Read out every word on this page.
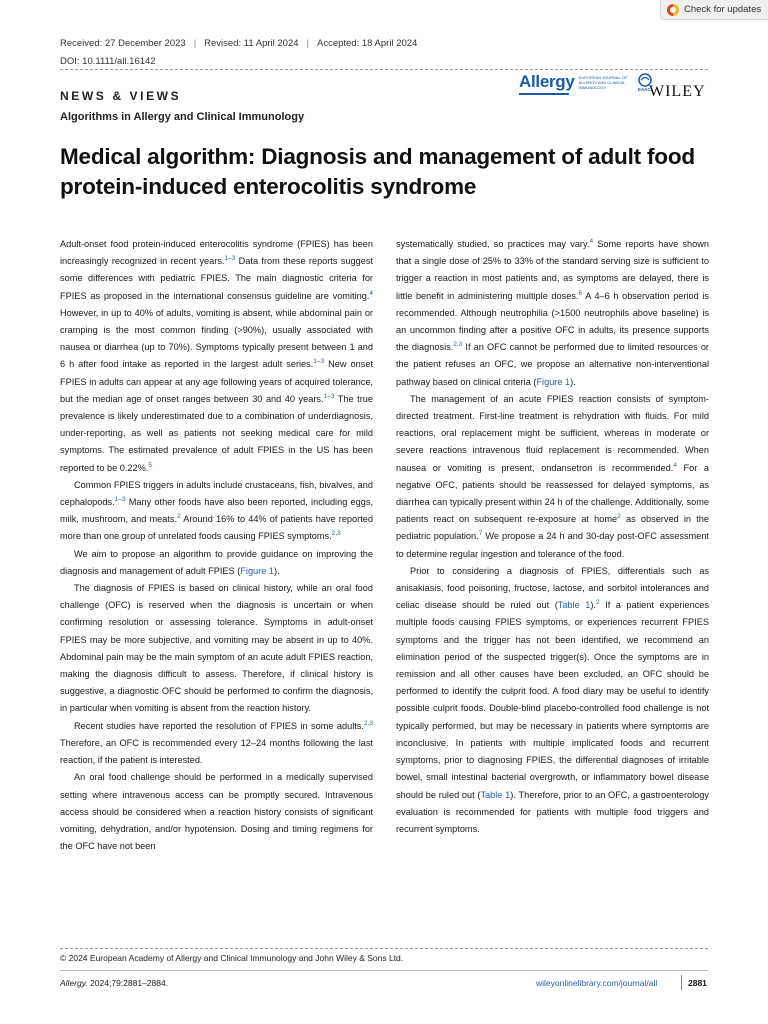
Check for updates
Received: 27 December 2023 | Revised: 11 April 2024 | Accepted: 18 April 2024
DOI: 10.1111/all.16142
Allergy EUROPEAN JOURNAL OF ALLERGY AND CLINICAL IMMUNOLOGY	EAACI
WILEY
NEWS & VIEWS
Algorithms in Allergy and Clinical Immunology
Medical algorithm: Diagnosis and management of adult food protein-induced enterocolitis syndrome

Adult-onset food protein-induced enterocolitis syndrome (FPIES) has been increasingly recognized in recent years.$^{1-3}$ Data from these reports suggest some differences with pediatric FPIES. The main diagnostic criteria for FPIES as proposed in the international consensus guideline are vomiting.$^4$ However, in up to 40% of adults, vomiting is absent, while abdominal pain or cramping is the most common finding (>90%), usually associated with nausea or diarrhea (up to 70%). Symptoms typically present between 1 and 6 h after food intake as reported in the largest adult series.$^{1-3}$ New onset FPIES in adults can appear at any age following years of acquired tolerance, but the median age of onset ranges between 30 and 40 years.$^{1-3}$ The true prevalence is likely underestimated due to a combination of underdiagnosis, under-reporting, as well as patients not seeking medical care for mild symptoms. The estimated prevalence of adult FPIES in the US has been reported to be 0.22%.$^5$

Common FPIES triggers in adults include crustaceans, fish, bivalves, and cephalopods.$^{1-3}$ Many other foods have also been reported, including eggs, milk, mushroom, and meats.$^2$ Around 16% to 44% of patients have reported more than one group of unrelated foods causing FPIES symptoms.$^{2,3}$

We aim to propose an algorithm to provide guidance on improving the diagnosis and management of adult FPIES (Figure 1).

The diagnosis of FPIES is based on clinical history, while an oral food challenge (OFC) is reserved when the diagnosis is uncertain or when confirming resolution or assessing tolerance. Symptoms in adult-onset FPIES may be more subjective, and vomiting may be absent in up to 40%. Abdominal pain may be the main symptom of an acute adult FPIES reaction, making the diagnosis difficult to assess. Therefore, if clinical history is suggestive, a diagnostic OFC should be performed to confirm the diagnosis, in particular when vomiting is absent from the reaction history.

Recent studies have reported the resolution of FPIES in some adults.$^{2,3}$ Therefore, an OFC is recommended every 12–24 months following the last reaction, if the patient is interested.

An oral food challenge should be performed in a medically supervised setting where intravenous access can be promptly secured. Intravenous access should be considered when a reaction history consists of significant vomiting, dehydration, and/or hypotension. Dosing and timing regimens for the OFC have not been

systematically studied, so practices may vary.$^4$ Some reports have shown that a single dose of 25% to 33% of the standard serving size is sufficient to trigger a reaction in most patients and, as symptoms are delayed, there is little benefit in administering multiple doses.$^6$ A 4–6 h observation period is recommended. Although neutrophilia (>1500 neutrophils above baseline) is an uncommon finding after a positive OFC in adults, its presence supports the diagnosis.$^{2,3}$ If an OFC cannot be performed due to limited resources or the patient refuses an OFC, we propose an alternative non-interventional pathway based on clinical criteria (Figure 1).

The management of an acute FPIES reaction consists of symptom-directed treatment. First-line treatment is rehydration with fluids. For mild reactions, oral replacement might be sufficient, whereas in moderate or severe reactions intravenous fluid replacement is recommended. When nausea or vomiting is present, ondansetron is recommended.$^4$ For a negative OFC, patients should be reassessed for delayed symptoms, as diarrhea can typically present within 24 h of the challenge. Additionally, some patients react on subsequent re-exposure at home$^2$ as observed in the pediatric population.$^7$ We propose a 24 h and 30-day post-OFC assessment to determine regular ingestion and tolerance of the food.

Prior to considering a diagnosis of FPIES, differentials such as anisakiasis, food poisoning, fructose, lactose, and sorbitol intolerances and celiac disease should be ruled out (Table 1).$^2$ If a patient experiences multiple foods causing FPIES symptoms, or experiences recurrent FPIES symptoms and the trigger has not been identified, we recommend an elimination period of the suspected trigger(s). Once the symptoms are in remission and all other causes have been excluded, an OFC should be performed to identify the culprit food. A food diary may be useful to identify possible culprit foods. Double-blind placebo-controlled food challenge is not typically performed, but may be necessary in patients where symptoms are inconclusive. In patients with multiple implicated foods and recurrent symptoms, prior to diagnosing FPIES, the differential diagnoses of irritable bowel, small intestinal bacterial overgrowth, or inflammatory bowel disease should be ruled out (Table 1). Therefore, prior to an OFC, a gastroenterology evaluation is recommended for patients with multiple food triggers and recurrent symptoms.

© 2024 European Academy of Allergy and Clinical Immunology and John Wiley & Sons Ltd.
Allergy. 2024;79:2881–2884.	wileyonlinelibrary.com/journal/all	2881
